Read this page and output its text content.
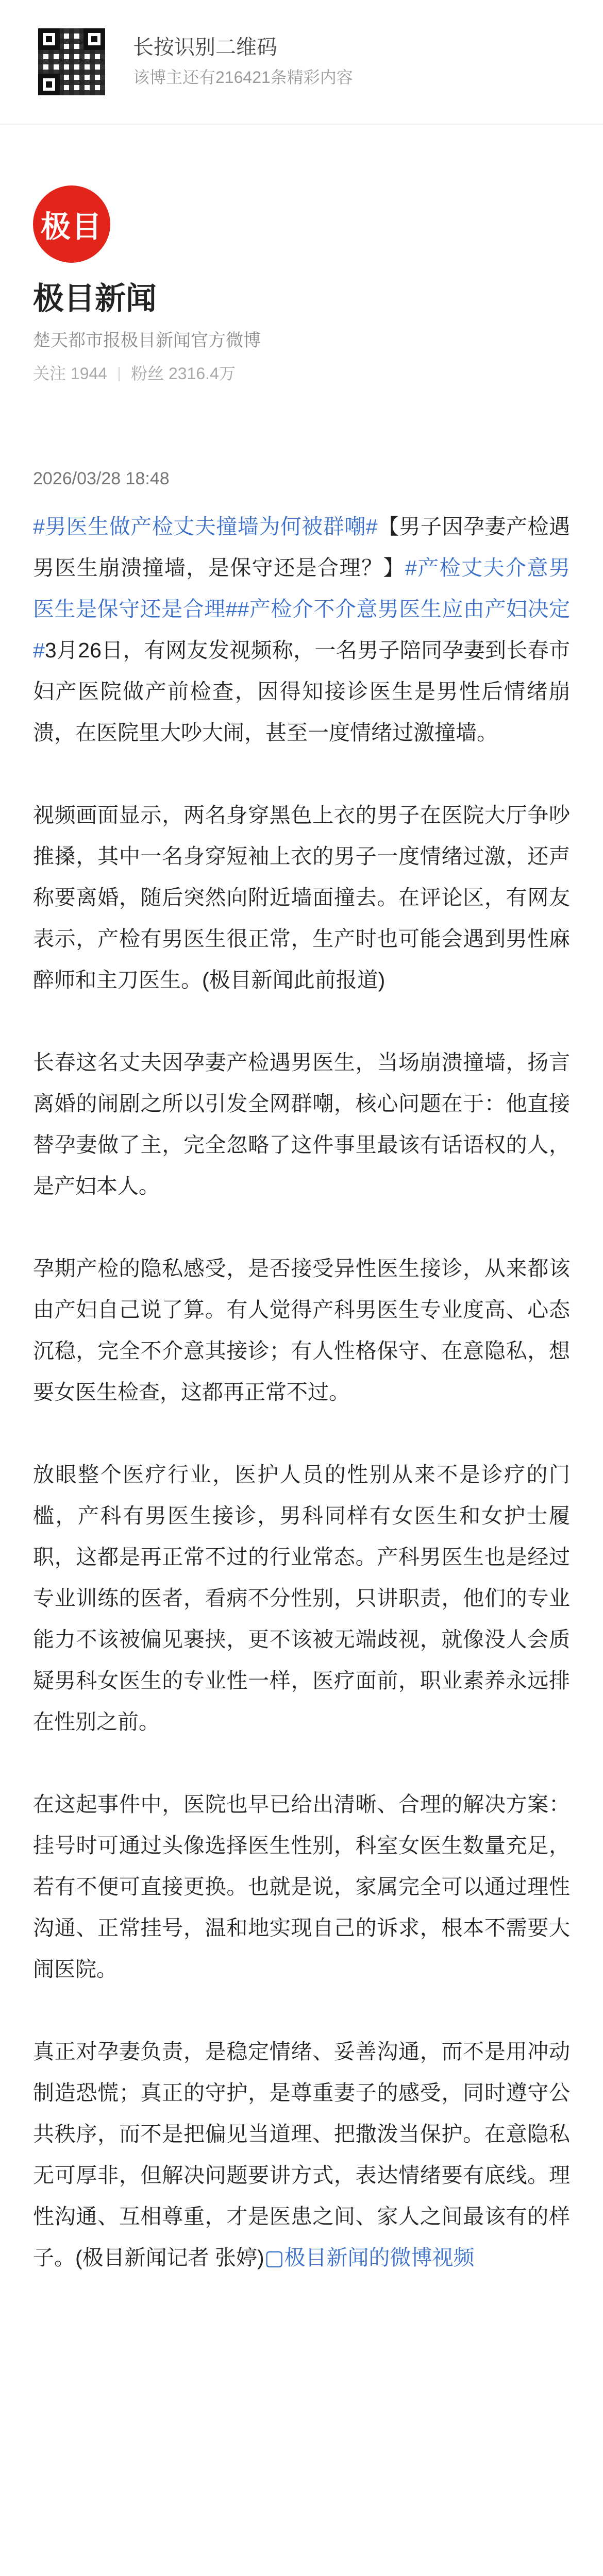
长按识别二维码
该博主还有216421条精彩内容
极目
极目新闻
楚天都市报极目新闻官方微博
关注 1944 粉丝 2316.4万
2026/03/28 18:48
#男医生做产检丈夫撞墙为何被群嘲#【男子因孕妻产检遇男医生崩溃撞墙，是保守还是合理？】#产检丈夫介意男医生是保守还是合理##产检介不介意男医生应由产妇决定#3月26日，有网友发视频称，一名男子陪同孕妻到长春市妇产医院做产前检查，因得知接诊医生是男性后情绪崩溃，在医院里大吵大闹，甚至一度情绪过激撞墙。
视频画面显示，两名身穿黑色上衣的男子在医院大厅争吵推搡，其中一名身穿短袖上衣的男子一度情绪过激，还声称要离婚，随后突然向附近墙面撞去。在评论区，有网友表示，产检有男医生很正常，生产时也可能会遇到男性麻醉师和主刀医生。(极目新闻此前报道)
长春这名丈夫因孕妻产检遇男医生，当场崩溃撞墙，扬言离婚的闹剧之所以引发全网群嘲，核心问题在于：他直接替孕妻做了主，完全忽略了这件事里最该有话语权的人，是产妇本人。
孕期产检的隐私感受，是否接受异性医生接诊，从来都该由产妇自己说了算。有人觉得产科男医生专业度高、心态沉稳，完全不介意其接诊；有人性格保守、在意隐私，想要女医生检查，这都再正常不过。
放眼整个医疗行业，医护人员的性别从来不是诊疗的门槛，产科有男医生接诊，男科同样有女医生和女护士履职，这都是再正常不过的行业常态。产科男医生也是经过专业训练的医者，看病不分性别，只讲职责，他们的专业能力不该被偏见裹挟，更不该被无端歧视，就像没人会质疑男科女医生的专业性一样，医疗面前，职业素养永远排在性别之前。
在这起事件中，医院也早已给出清晰、合理的解决方案：挂号时可通过头像选择医生性别，科室女医生数量充足，若有不便可直接更换。也就是说，家属完全可以通过理性沟通、正常挂号，温和地实现自己的诉求，根本不需要大闹医院。
真正对孕妻负责，是稳定情绪、妥善沟通，而不是用冲动制造恐慌；真正的守护，是尊重妻子的感受，同时遵守公共秩序，而不是把偏见当道理、把撒泼当保护。在意隐私无可厚非，但解决问题要讲方式，表达情绪要有底线。理性沟通、互相尊重，才是医患之间、家人之间最该有的样子。(极目新闻记者 张婷)▢极目新闻的微博视频
